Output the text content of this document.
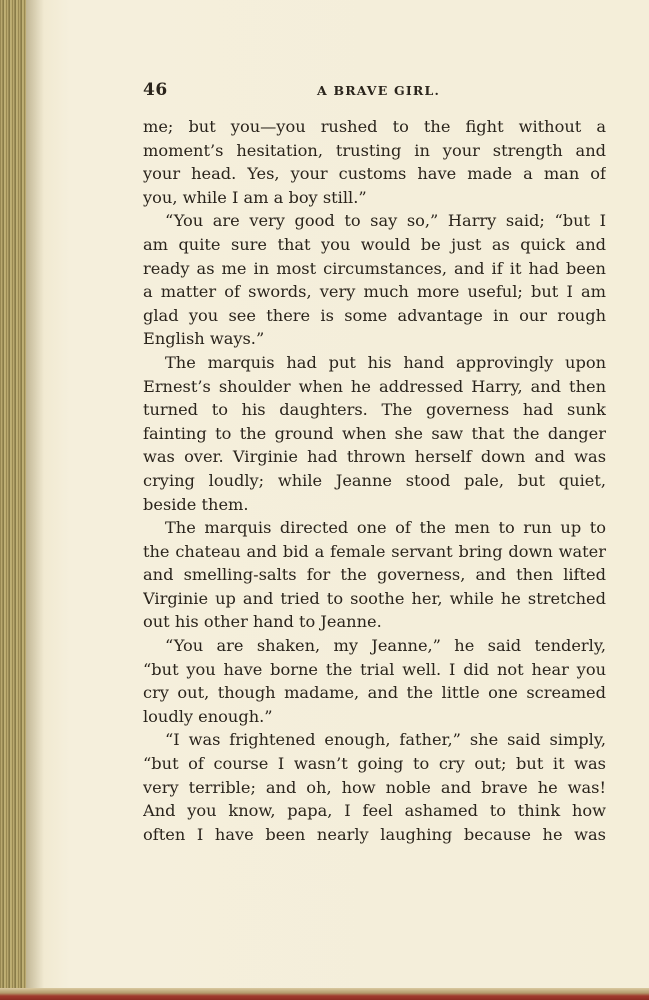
46	A BRAVE GIRL.
me; but you—you rushed to the fight without a
moment’s hesitation, trusting in your strength and
your head. Yes, your customs have made a man of
you, while I am a boy still.”
“You are very good to say so,” Harry said; “but I
am quite sure that you would be just as quick and
ready as me in most circumstances, and if it had been
a matter of swords, very much more useful; but I am
glad you see there is some advantage in our rough
English ways.”
The marquis had put his hand approvingly upon
Ernest’s shoulder when he addressed Harry, and then
turned to his daughters. The governess had sunk
fainting to the ground when she saw that the danger
was over. Virginie had thrown herself down and was
crying loudly; while Jeanne stood pale, but quiet,
beside them.
The marquis directed one of the men to run up to
the chateau and bid a female servant bring down water
and smelling-salts for the governess, and then lifted
Virginie up and tried to soothe her, while he stretched
out his other hand to Jeanne.
“You are shaken, my Jeanne,” he said tenderly,
“but you have borne the trial well. I did not hear you
cry out, though madame, and the little one screamed
loudly enough.”
“I was frightened enough, father,” she said simply,
“but of course I wasn’t going to cry out; but it was
very terrible; and oh, how noble and brave he was!
And you know, papa, I feel ashamed to think how
often I have been nearly laughing because he was
